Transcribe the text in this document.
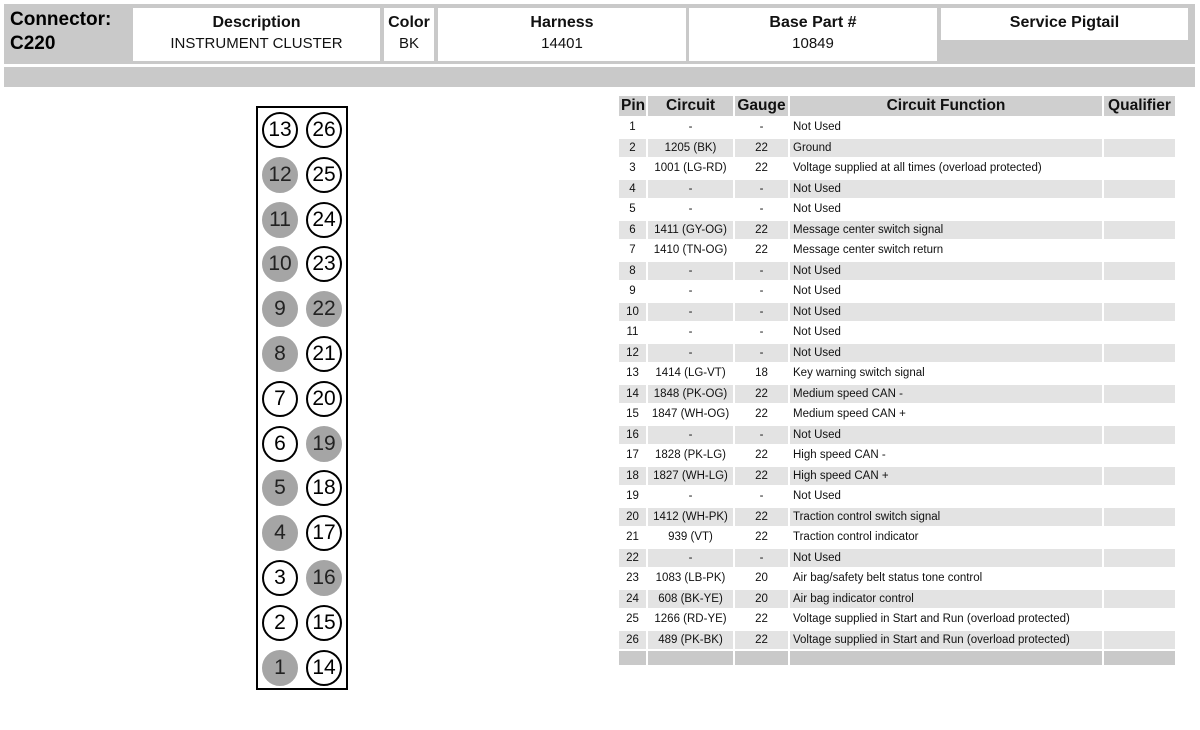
Connector:
C220
Description
INSTRUMENT CLUSTER
Color
BK
Harness
14401
Base Part #
10849
Service Pigtail
13
12
11
10
9
8
7
6
5
4
3
2
1
26
25
24
23
22
21
20
19
18
17
16
15
14
Pin	Circuit	Gauge	Circuit Function	Qualifier
1	-	-	Not Used	
2	1205 (BK)	22	Ground	
3	1001 (LG-RD)	22	Voltage supplied at all times (overload protected)	
4	-	-	Not Used	
5	-	-	Not Used	
6	1411 (GY-OG)	22	Message center switch signal	
7	1410 (TN-OG)	22	Message center switch return	
8	-	-	Not Used	
9	-	-	Not Used	
10	-	-	Not Used	
11	-	-	Not Used	
12	-	-	Not Used	
13	1414 (LG-VT)	18	Key warning switch signal	
14	1848 (PK-OG)	22	Medium speed CAN -	
15	1847 (WH-OG)	22	Medium speed CAN +	
16	-	-	Not Used	
17	1828 (PK-LG)	22	High speed CAN -	
18	1827 (WH-LG)	22	High speed CAN +	
19	-	-	Not Used	
20	1412 (WH-PK)	22	Traction control switch signal	
21	939 (VT)	22	Traction control indicator	
22	-	-	Not Used	
23	1083 (LB-PK)	20	Air bag/safety belt status tone control	
24	608 (BK-YE)	20	Air bag indicator control	
25	1266 (RD-YE)	22	Voltage supplied in Start and Run (overload protected)	
26	489 (PK-BK)	22	Voltage supplied in Start and Run (overload protected)	
